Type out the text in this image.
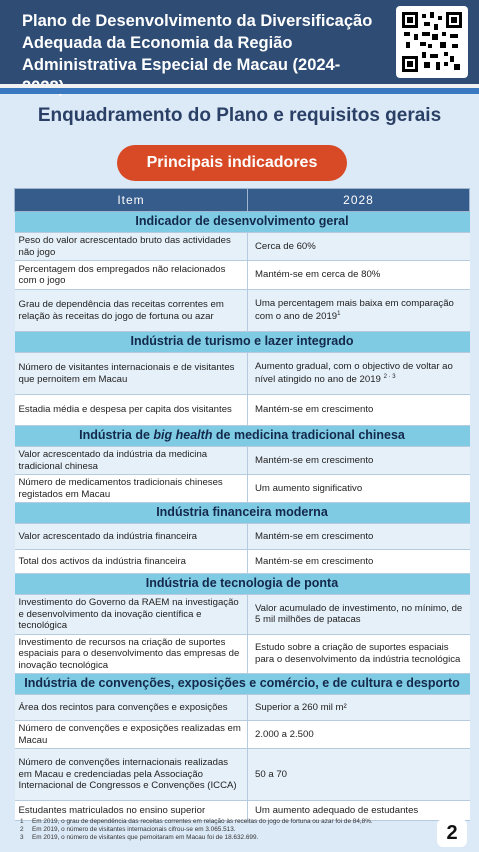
Plano de Desenvolvimento da Diversificação
Adequada da Economia da Região
Administrativa Especial de Macau (2024-
Enquadramento do Plano e requisitos gerais
Principais indicadores
Item	2028
Indicador de desenvolvimento geral	
Peso do valor acrescentado bruto das actividades não jogo	Cerca de 60%
Percentagem dos empregados não relacionados com o jogo	Mantém-se em cerca de 80%
Grau de dependência das receitas correntes em relação às receitas do jogo de fortuna ou azar	Uma percentagem mais baixa em comparação com o ano de 2019$^1$
Indústria de turismo e lazer integrado	
Número de visitantes internacionais e de visitantes que pernoitem em Macau	Aumento gradual, com o objectivo de voltar ao nível atingido no ano de 2019 $^{2 \cdot 3}$
Estadia média e despesa per capita dos visitantes	Mantém-se em crescimento
Indústria de big health de medicina tradicional chinesa	
Valor acrescentado da indústria da medicina tradicional chinesa	Mantém-se em crescimento
Número de medicamentos tradicionais chineses registados em Macau	Um aumento significativo
Indústria financeira moderna	
Valor acrescentado da indústria financeira	Mantém-se em crescimento
Total dos activos da indústria financeira	Mantém-se em crescimento
Indústria de tecnologia de ponta	
Investimento do Governo da RAEM na investigação e desenvolvimento da inovação científica e tecnológica	Valor acumulado de investimento, no mínimo, de 5 mil milhões de patacas
Investimento de recursos na criação de suportes espaciais para o desenvolvimento das empresas de inovação tecnológica	Estudo sobre a criação de suportes espaciais para o desenvolvimento da indústria tecnológica
Indústria de convenções, exposições e comércio, e de cultura e desporto	
Área dos recintos para convenções e exposições	Superior a 260 mil m²
Número de convenções e exposições realizadas em Macau	2.000 a 2.500
Número de convenções internacionais realizadas em Macau e credenciadas pela Associação Internacional de Congressos e Convenções (ICCA)	50 a 70
Estudantes matriculados no ensino superior	Um aumento adequado de estudantes
1 Em 2019, o grau de dependência das receitas correntes em relação às receitas do jogo de fortuna ou azar foi de 84,8%.
2 Em 2019, o número de visitantes internacionais cifrou-se em 3.065.513.
3 Em 2019, o número de visitantes que pernoitaram em Macau foi de 18.632.699.	2
